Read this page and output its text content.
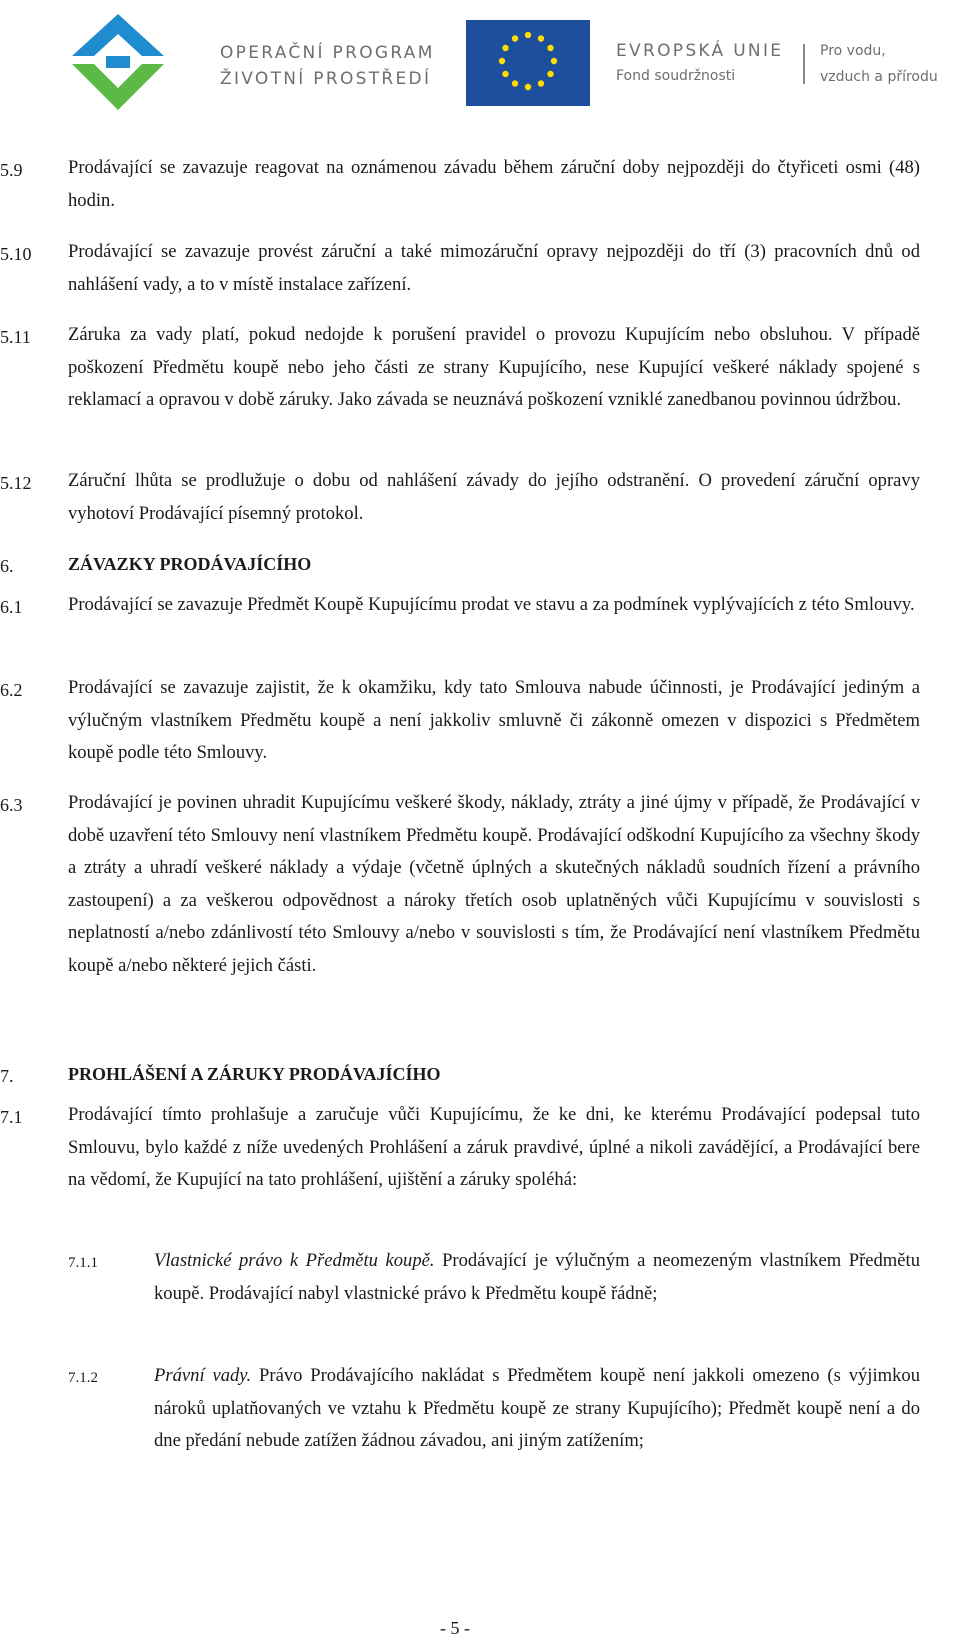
OPERAČNÍ PROGRAM
ŽIVOTNÍ PROSTŘEDÍ
EVROPSKÁ UNIE
Fond soudržnosti
Pro vodu,
vzduch a přírodu
5.9 Prodávající se zavazuje reagovat na oznámenou závadu během záruční doby nejpozději do čtyřiceti osmi (48) hodin.
5.10 Prodávající se zavazuje provést záruční a také mimozáruční opravy nejpozději do tří (3) pracovních dnů od nahlášení vady, a to v místě instalace zařízení.
5.11 Záruka za vady platí, pokud nedojde k porušení pravidel o provozu Kupujícím nebo obsluhou. V případě poškození Předmětu koupě nebo jeho části ze strany Kupujícího, nese Kupující veškeré náklady spojené s reklamací a opravou v době záruky. Jako závada se neuznává poškození vzniklé zanedbanou povinnou údržbou.
5.12 Záruční lhůta se prodlužuje o dobu od nahlášení závady do jejího odstranění. O provedení záruční opravy vyhotoví Prodávající písemný protokol.
6.	ZÁVAZKY PRODÁVAJÍCÍHO
6.1 Prodávající se zavazuje Předmět Koupě Kupujícímu prodat ve stavu a za podmínek vyplývajících z této Smlouvy.
6.2 Prodávající se zavazuje zajistit, že k okamžiku, kdy tato Smlouva nabude účinnosti, je Prodávající jediným a výlučným vlastníkem Předmětu koupě a není jakkoliv smluvně či zákonně omezen v dispozici s Předmětem koupě podle této Smlouvy.
6.3 Prodávající je povinen uhradit Kupujícímu veškeré škody, náklady, ztráty a jiné újmy v případě, že Prodávající v době uzavření této Smlouvy není vlastníkem Předmětu koupě. Prodávající odškodní Kupujícího za všechny škody a ztráty a uhradí veškeré náklady a výdaje (včetně úplných a skutečných nákladů soudních řízení a právního zastoupení) a za veškerou odpovědnost a nároky třetích osob uplatněných vůči Kupujícímu v souvislosti s neplatností a/nebo zdánlivostí této Smlouvy a/nebo v souvislosti s tím, že Prodávající není vlastníkem Předmětu koupě a/nebo některé jejich části.
7.	PROHLÁŠENÍ A ZÁRUKY PRODÁVAJÍCÍHO
7.1 Prodávající tímto prohlašuje a zaručuje vůči Kupujícímu, že ke dni, ke kterému Prodávající podepsal tuto Smlouvu, bylo každé z níže uvedených Prohlášení a záruk pravdivé, úplné a nikoli zavádějící, a Prodávající bere na vědomí, že Kupující na tato prohlášení, ujištění a záruky spoléhá:
7.1.1	Vlastnické právo k Předmětu koupě. Prodávající je výlučným a neomezeným vlastníkem Předmětu koupě. Prodávající nabyl vlastnické právo k Předmětu koupě řádně;
7.1.2	Právní vady. Právo Prodávajícího nakládat s Předmětem koupě není jakkoli omezeno (s výjimkou nároků uplatňovaných ve vztahu k Předmětu koupě ze strany Kupujícího); Předmět koupě není a do dne předání nebude zatížen žádnou závadou, ani jiným zatížením;
- 5 -
